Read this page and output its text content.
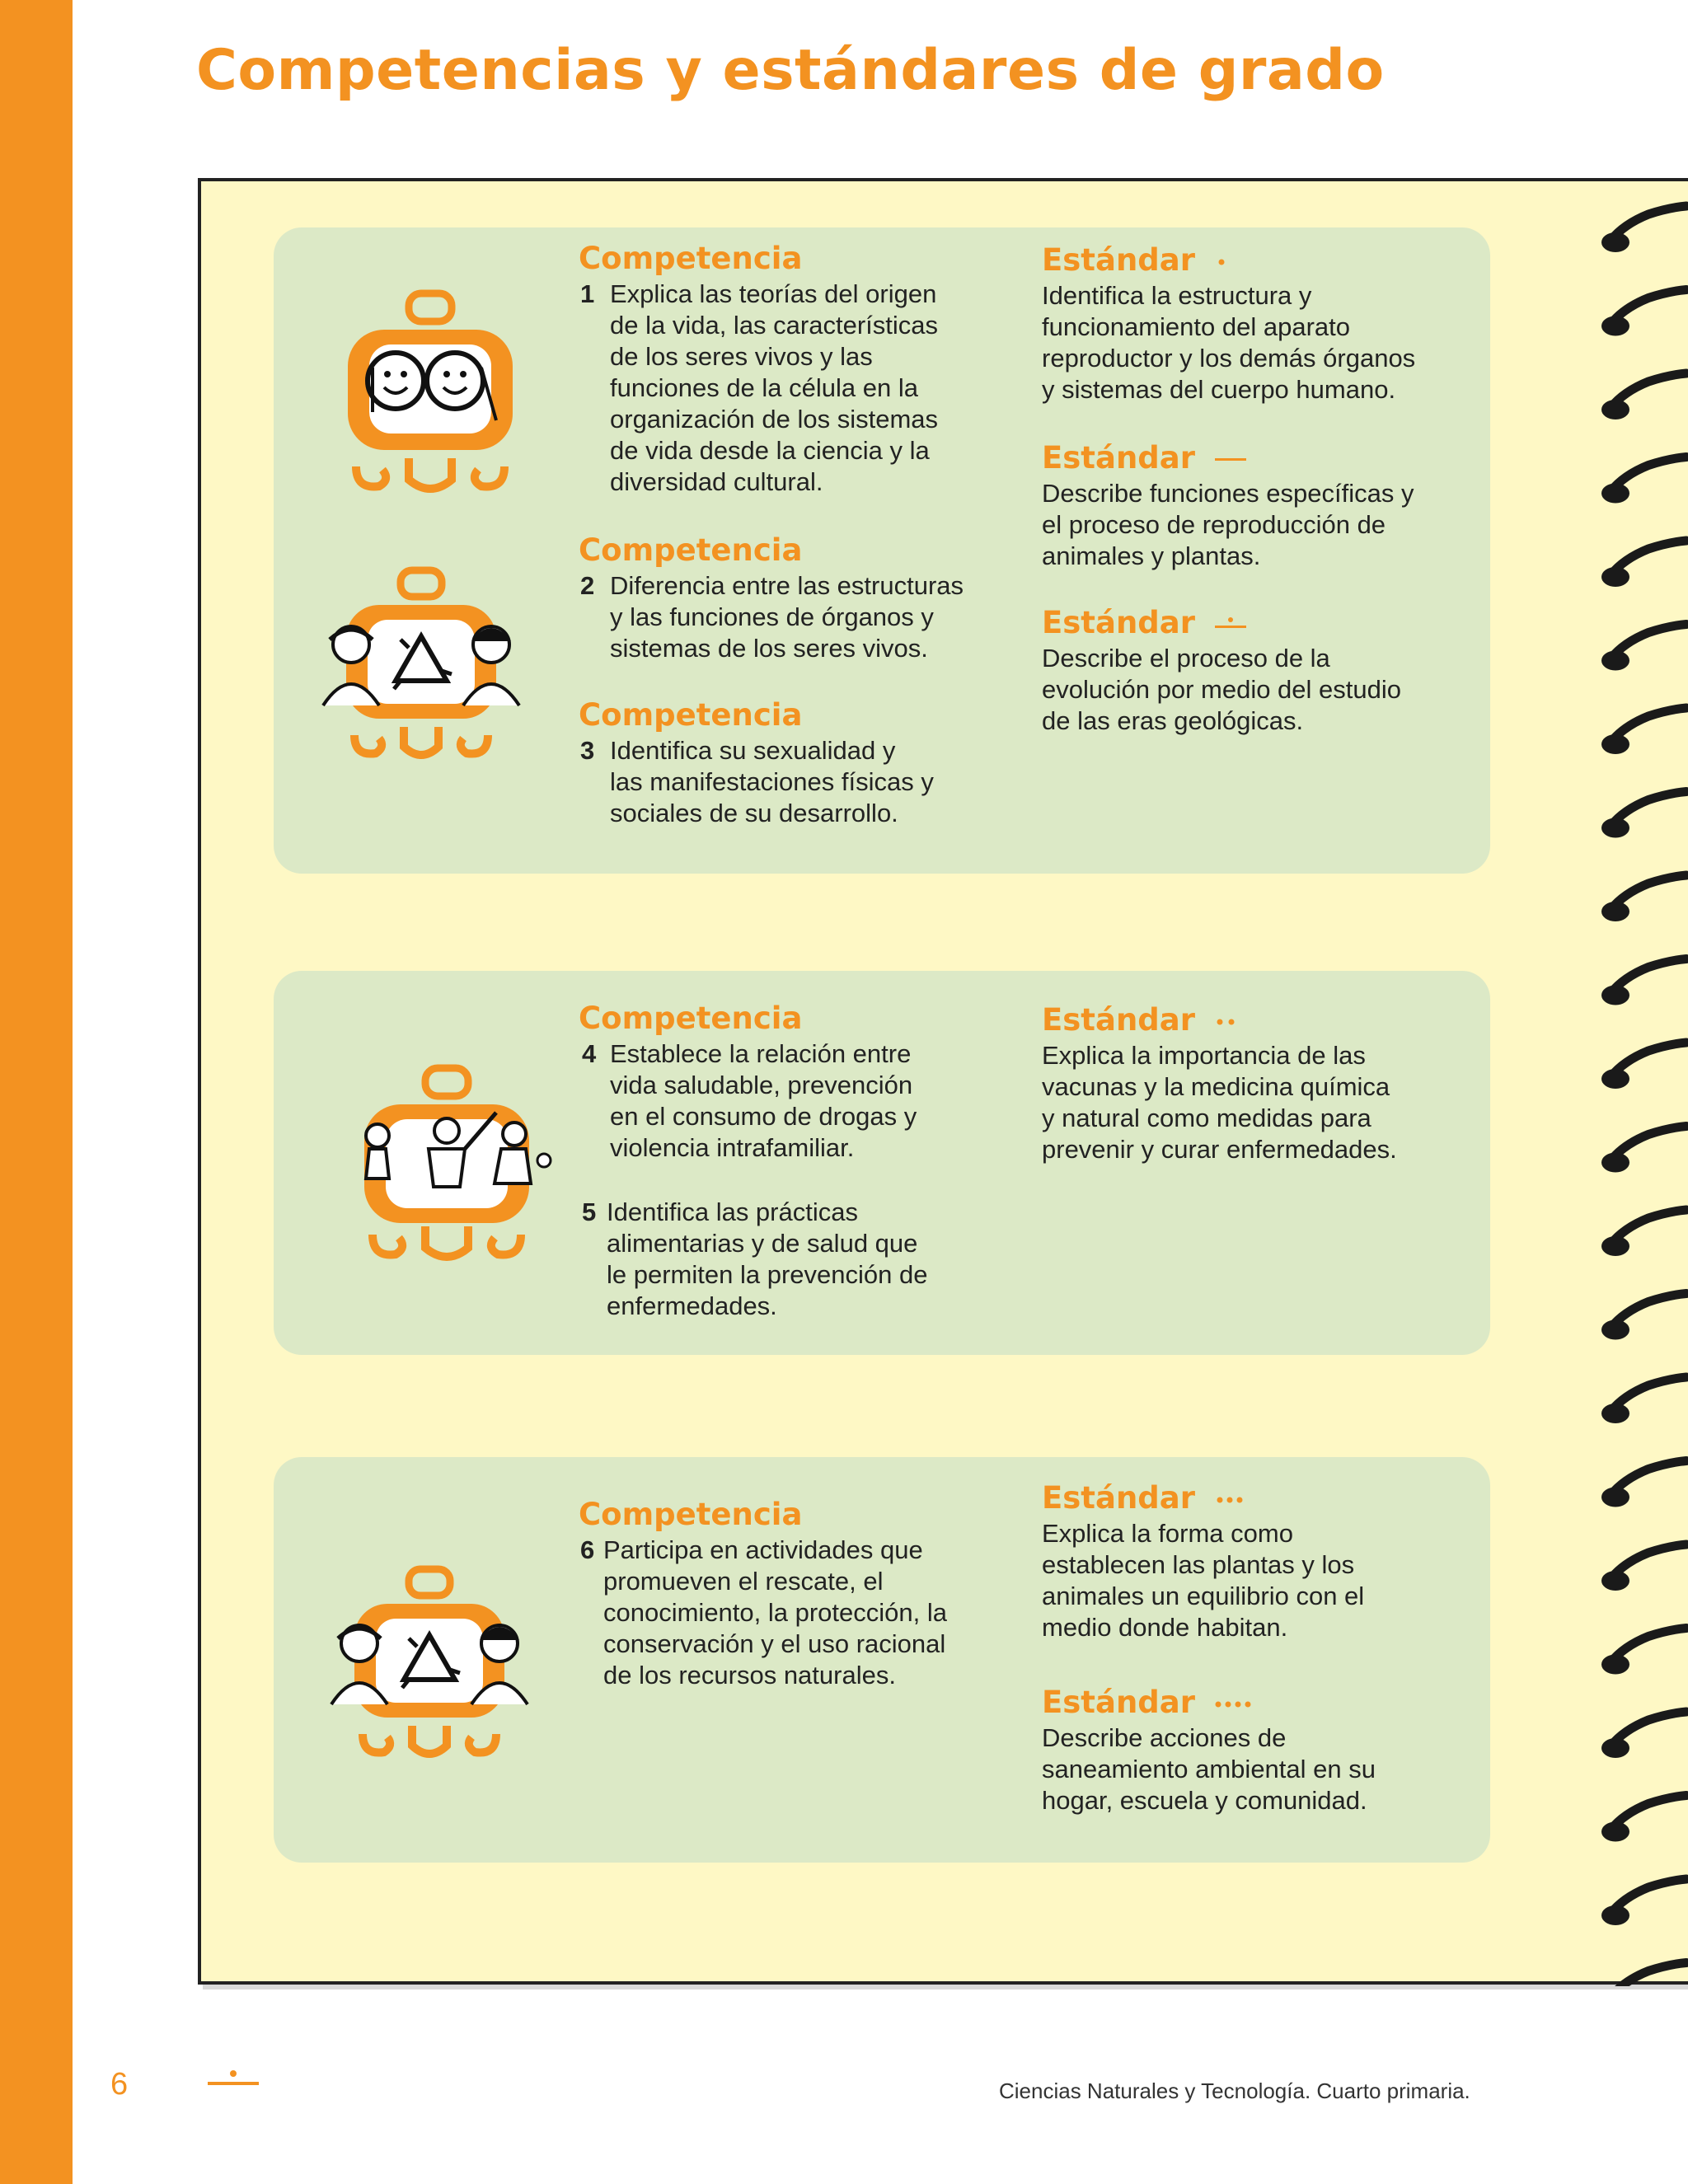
Competencias y estándares de grado
Competencia
1 Explica las teorías del origen
de la vida, las características
de los seres vivos y las
funciones de la célula en la
organización de los sistemas
de vida desde la ciencia y la
diversidad cultural.
Competencia
2 Diferencia entre las estructuras
y las funciones de órganos y
sistemas de los seres vivos.
Competencia
3 Identifica su sexualidad y
las manifestaciones físicas y
sociales de su desarrollo.
Estándar
Identifica la estructura y
funcionamiento del aparato
reproductor y los demás órganos
y sistemas del cuerpo humano.
Estándar
Describe funciones específicas y
el proceso de reproducción de
animales y plantas.
Estándar
Describe el proceso de la
evolución por medio del estudio
de las eras geológicas.
Competencia
4 Establece la relación entre
vida saludable, prevención
en el consumo de drogas y
violencia intrafamiliar.
5 Identifica las prácticas
alimentarias y de salud que
le permiten la prevención de
enfermedades.
Estándar
Explica la importancia de las
vacunas y la medicina química
y natural como medidas para
prevenir y curar enfermedades.
Competencia
6 Participa en actividades que
promueven el rescate, el
conocimiento, la protección, la
conservación y el uso racional
de los recursos naturales.
Estándar
Explica la forma como
establecen las plantas y los
animales un equilibrio con el
medio donde habitan.
Estándar
Describe acciones de
saneamiento ambiental en su
hogar, escuela y comunidad.
6	Ciencias Naturales y Tecnología. Cuarto primaria.
